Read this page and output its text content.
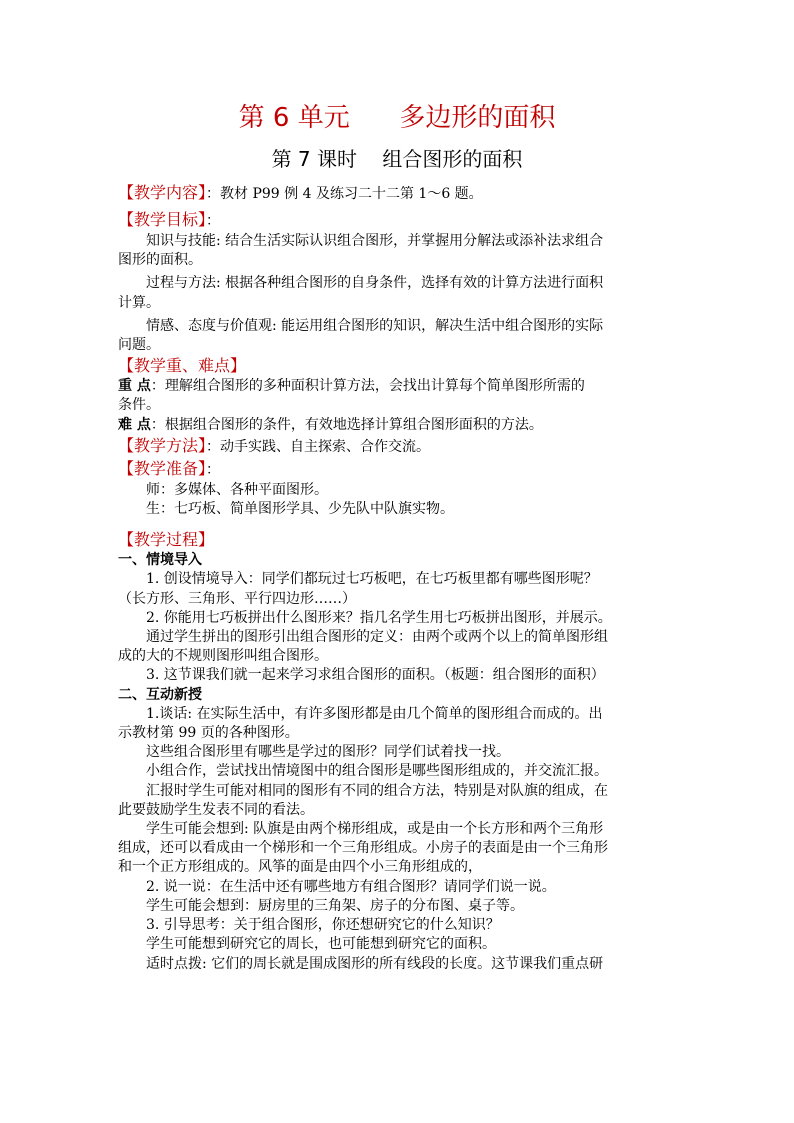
第 6 单元      多边形的面积
第 7 课时    组合图形的面积
【教学内容】：教材 P99 例 4 及练习二十二第 1～6 题。
【教学目标】：
知识与技能: 结合生活实际认识组合图形，并掌握用分解法或添补法求组合
图形的面积。
过程与方法: 根据各种组合图形的自身条件，选择有效的计算方法进行面积
计算。
情感、态度与价值观: 能运用组合图形的知识，解决生活中组合图形的实际
问题。
【教学重、难点】
重 点：理解组合图形的多种面积计算方法，会找出计算每个简单图形所需的
条件。
难 点：根据组合图形的条件，有效地选择计算组合图形面积的方法。
【教学方法】：动手实践、自主探索、合作交流。
【教学准备】：
师：多媒体、各种平面图形。
生：七巧板、简单图形学具、少先队中队旗实物。
【教学过程】
一、情境导入
1. 创设情境导入：同学们都玩过七巧板吧，在七巧板里都有哪些图形呢？
（长方形、三角形、平行四边形……）
2. 你能用七巧板拼出什么图形来？指几名学生用七巧板拼出图形，并展示。
通过学生拼出的图形引出组合图形的定义：由两个或两个以上的简单图形组
成的大的不规则图形叫组合图形。
3. 这节课我们就一起来学习求组合图形的面积。（板题：组合图形的面积）
二、互动新授
1.谈话: 在实际生活中，有许多图形都是由几个简单的图形组合而成的。出
示教材第 99 页的各种图形。
这些组合图形里有哪些是学过的图形？同学们试着找一找。
小组合作，尝试找出情境图中的组合图形是哪些图形组成的，并交流汇报。
汇报时学生可能对相同的图形有不同的组合方法，特别是对队旗的组成，在
此要鼓励学生发表不同的看法。
学生可能会想到: 队旗是由两个梯形组成，或是由一个长方形和两个三角形
组成，还可以看成由一个梯形和一个三角形组成。小房子的表面是由一个三角形
和一个正方形组成的。风筝的面是由四个小三角形组成的，
2. 说一说：在生活中还有哪些地方有组合图形？请同学们说一说。
学生可能会想到：厨房里的三角架、房子的分布图、桌子等。
3. 引导思考：关于组合图形，你还想研究它的什么知识？
学生可能想到研究它的周长，也可能想到研究它的面积。
适时点拨: 它们的周长就是围成图形的所有线段的长度。这节课我们重点研
